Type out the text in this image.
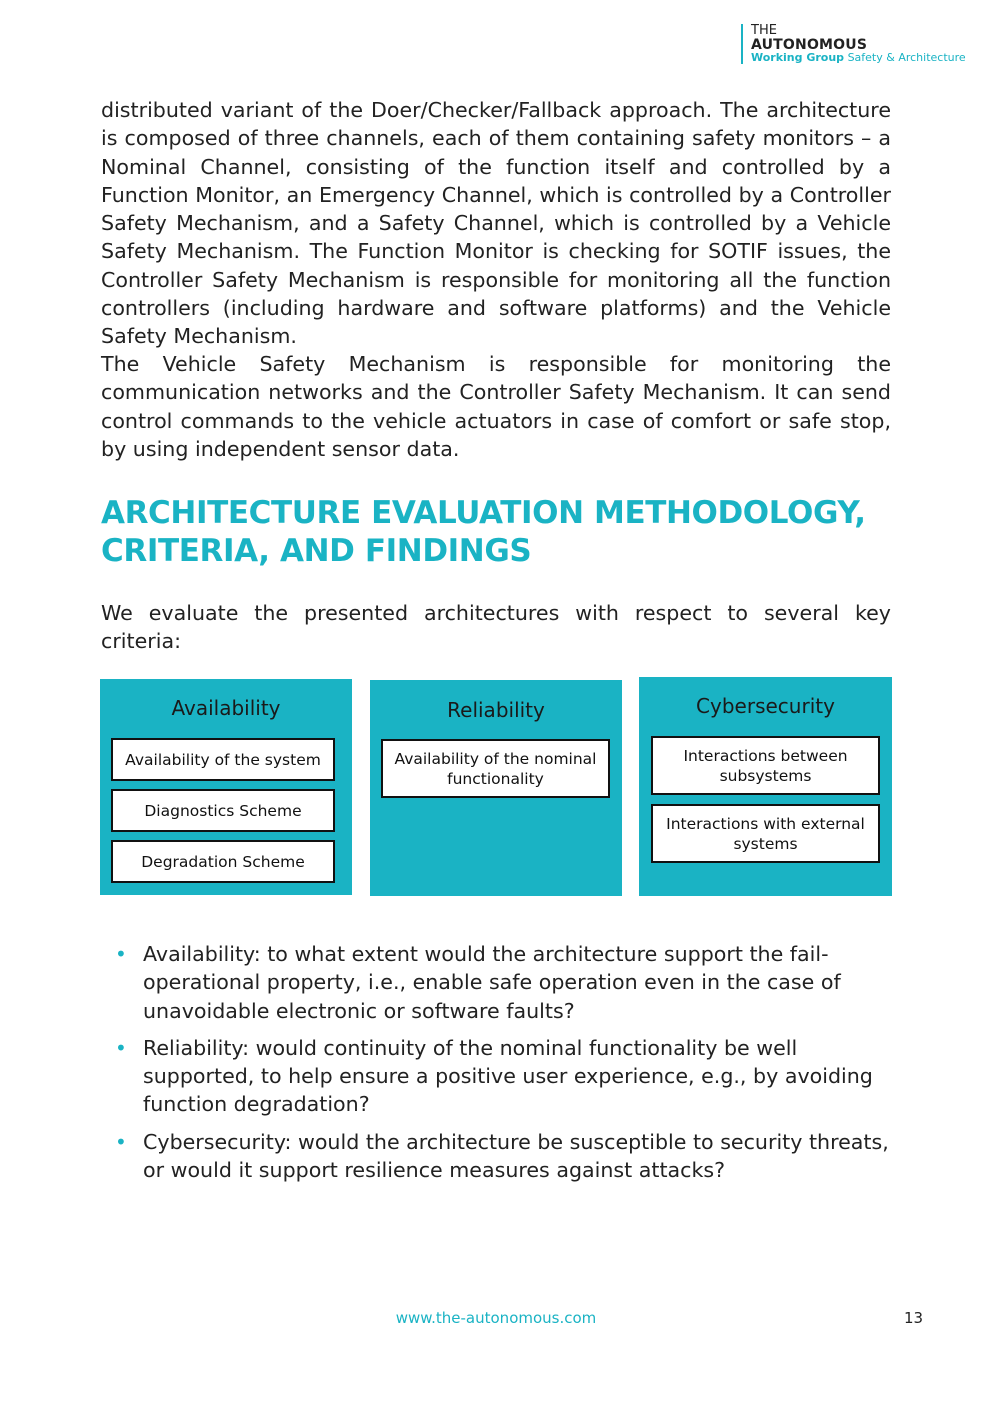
THE
AUTONOMOUS
Working Group Safety & Architecture

distributed variant of the Doer/Checker/Fallback approach. The architecture is composed of three channels, each of them containing safety monitors – a Nominal Channel, consisting of the function itself and controlled by a Function Monitor, an Emergency Channel, which is controlled by a Controller Safety Mechanism, and a Safety Channel, which is controlled by a Vehicle Safety Mechanism. The Function Monitor is checking for SOTIF issues, the Controller Safety Mechanism is responsible for monitoring all the function controllers (including hardware and software platforms) and the Vehicle Safety Mechanism.

The Vehicle Safety Mechanism is responsible for monitoring the communication networks and the Controller Safety Mechanism. It can send control commands to the vehicle actuators in case of comfort or safe stop, by using independent sensor data.

ARCHITECTURE EVALUATION METHODOLOGY,
CRITERIA, AND FINDINGS

We evaluate the presented architectures with respect to several key criteria:

Availability
Availability of the system
Diagnostics Scheme
Degradation Scheme
Reliability
Availability of the nominal functionality
Cybersecurity
Interactions between subsystems
Interactions with external systems
• Availability: to what extent would the architecture support the fail-operational property, i.e., enable safe operation even in the case of unavoidable electronic or software faults?
• Reliability: would continuity of the nominal functionality be well supported, to help ensure a positive user experience, e.g., by avoiding function degradation?
• Cybersecurity: would the architecture be susceptible to security threats, or would it support resilience measures against attacks?
www.the-autonomous.com	13
